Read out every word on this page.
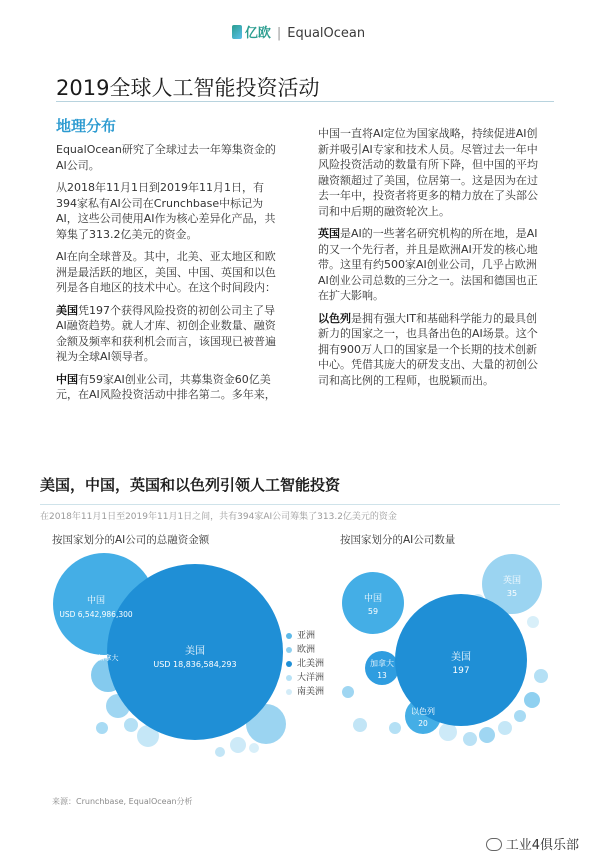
亿欧 | EqualOcean
2019全球人工智能投资活动
地理分布

EqualOcean研究了全球过去一年筹集资金的AI公司。

从2018年11月1日到2019年11月1日，有394家私有AI公司在Crunchbase中标记为AI，这些公司使用AI作为核心差异化产品，共筹集了313.2亿美元的资金。

AI在向全球普及。其中，北美、亚太地区和欧洲是最活跃的地区，美国、中国、英国和以色列是各自地区的技术中心。在这个时间段内：

美国凭197个获得风险投资的初创公司主了导AI融资趋势。就人才库、初创企业数量、融资金额及频率和获利机会而言，该国现已被普遍视为全球AI领导者。

中国有59家AI创业公司，共募集资金60亿美元，在AI风险投资活动中排名第二。多年来，

中国一直将AI定位为国家战略，持续促进AI创新并吸引AI专家和技术人员。尽管过去一年中风险投资活动的数量有所下降，但中国的平均融资额超过了美国，位居第一。这是因为在过去一年中，投资者将更多的精力放在了头部公司和中后期的融资轮次上。

英国是AI的一些著名研究机构的所在地，是AI的又一个先行者，并且是欧洲AI开发的核心地带。这里有约500家AI创业公司，几乎占欧洲AI创业公司总数的三分之一。法国和德国也正在扩大影响。

以色列是拥有强大IT和基础科学能力的最具创新力的国家之一，也具备出色的AI场景。这个拥有900万人口的国家是一个长期的技术创新中心。凭借其庞大的研发支出、大量的初创公司和高比例的工程师，也脱颖而出。

美国，中国，英国和以色列引领人工智能投资
在2018年11月1日至2019年11月1日之间，共有394家AI公司筹集了313.2亿美元的资金
按国家划分的AI公司的总融资金额	按国家划分的AI公司数量
中国
USD 6,542,986,300
美国
USD 18,836,584,293
加拿大
中国
59
英国
35
美国
197
加拿大
13
以色列
20
亚洲
欧洲
北美洲
大洋洲
南美洲
来源：Crunchbase, EqualOcean分析
工业4俱乐部
